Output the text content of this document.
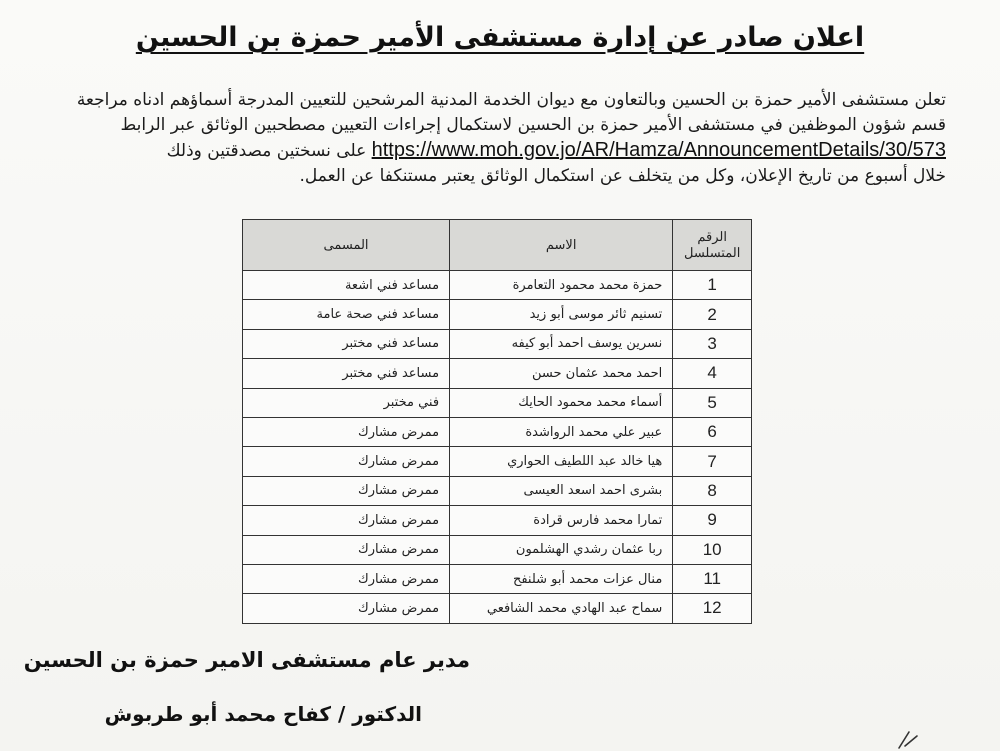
اعلان صادر عن إدارة مستشفى الأمير حمزة بن الحسين

تعلن مستشفى الأمير حمزة بن الحسين وبالتعاون مع ديوان الخدمة المدنية المرشحين للتعيين المدرجة أسماؤهم ادناه مراجعة

قسم شؤون الموظفين في مستشفى الأمير حمزة بن الحسين لاستكمال إجراءات التعيين مصطحبين الوثائق عبر الرابط

https://www.moh.gov.jo/AR/Hamza/AnnouncementDetails/30/573 على نسختين مصدقتين وذلك

خلال أسبوع من تاريخ الإعلان، وكل من يتخلف عن استكمال الوثائق يعتبر مستنكفا عن العمل.

الرقم المتسلسل	الاسم	المسمى
1	حمزة محمد محمود التعامرة	مساعد فني اشعة
2	تسنيم ثائر موسى أبو زيد	مساعد فني صحة عامة
3	نسرين يوسف احمد أبو كيفه	مساعد فني مختبر
4	احمد محمد عثمان حسن	مساعد فني مختبر
5	أسماء محمد محمود الحايك	فني مختبر
6	عبير علي محمد الرواشدة	ممرض مشارك
7	هيا خالد عبد اللطيف الحواري	ممرض مشارك
8	بشرى احمد اسعد العيسى	ممرض مشارك
9	تمارا محمد فارس قرادة	ممرض مشارك
10	ربا عثمان رشدي الهشلمون	ممرض مشارك
11	منال عزات محمد أبو شلنفح	ممرض مشارك
12	سماح عبد الهادي محمد الشافعي	ممرض مشارك
مدير عام مستشفى الامير حمزة بن الحسين
الدكتور / كفاح محمد أبو طربوش
